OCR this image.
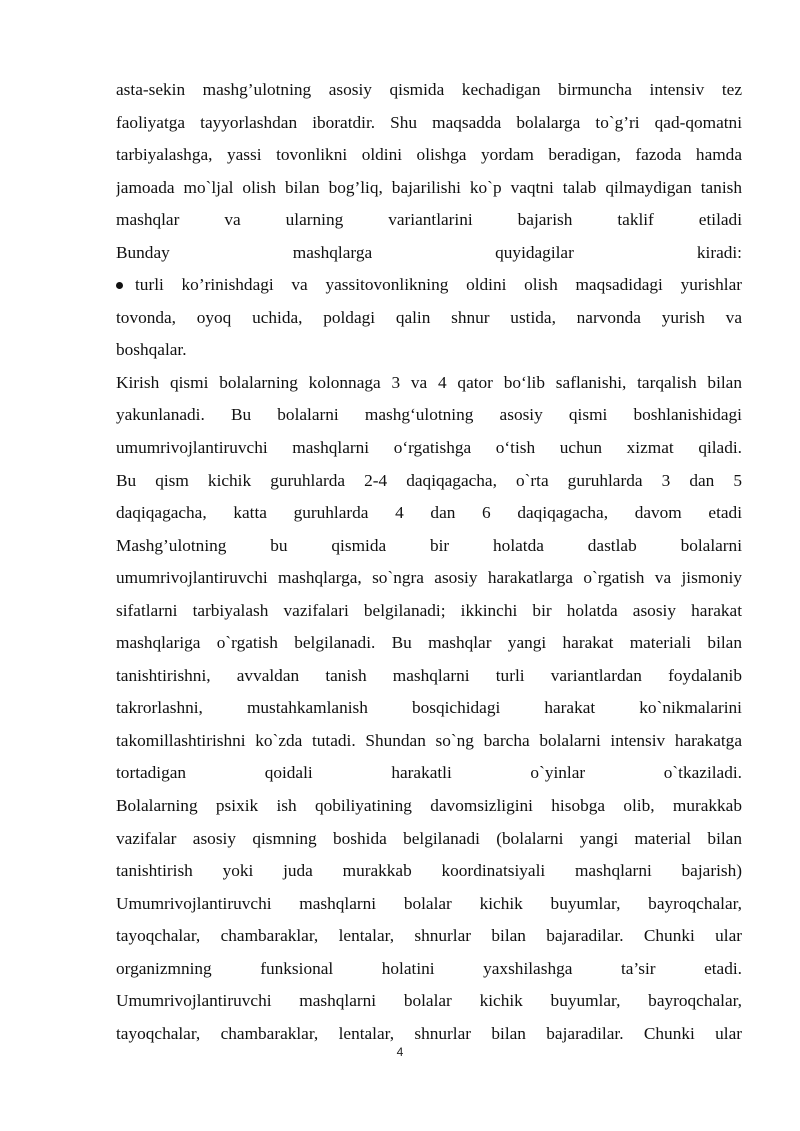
asta-sekin mashg’ulotning asosiy qismida kechadigan birmuncha intensiv tez
faoliyatga tayyorlashdan iboratdir. Shu maqsadda bolalarga to`g’ri qad-qomatni
tarbiyalashga, yassi tovonlikni oldini olishga yordam beradigan, fazoda hamda
jamoada mo`ljal olish bilan bog’liq, bajarilishi ko`p vaqtni talab qilmaydigan tanish
mashqlar va ularning variantlarini bajarish taklif etiladi
Bunday mashqlarga quyidagilar kiradi:
turli ko’rinishdagi va yassitovonlikning oldini olish maqsadidagi yurishlar
tovonda, oyoq uchida, poldagi qalin shnur ustida, narvonda yurish va
boshqalar.
Kirish qismi bolalarning kolonnaga 3 va 4 qator bo‘lib saflanishi, tarqalish bilan
yakunlanadi. Bu bolalarni mashg‘ulotning asosiy qismi boshlanishidagi
umumrivojlantiruvchi mashqlarni o‘rgatishga o‘tish uchun xizmat qiladi.
Bu qism kichik guruhlarda 2-4 daqiqagacha, o`rta guruhlarda 3 dan 5
daqiqagacha, katta guruhlarda 4 dan 6 daqiqagacha, davom etadi
Mashg’ulotning bu qismida bir holatda dastlab bolalarni
umumrivojlantiruvchi mashqlarga, so`ngra asosiy harakatlarga o`rgatish va jismoniy
sifatlarni tarbiyalash vazifalari belgilanadi; ikkinchi bir holatda asosiy harakat
mashqlariga o`rgatish belgilanadi. Bu mashqlar yangi harakat materiali bilan
tanishtirishni, avvaldan tanish mashqlarni turli variantlardan foydalanib
takrorlashni, mustahkamlanish bosqichidagi harakat ko`nikmalarini
takomillashtirishni ko`zda tutadi. Shundan so`ng barcha bolalarni intensiv harakatga
tortadigan qoidali harakatli o`yinlar o`tkaziladi.
Bolalarning psixik ish qobiliyatining davomsizligini hisobga olib, murakkab
vazifalar asosiy qismning boshida belgilanadi (bolalarni yangi material bilan
tanishtirish yoki juda murakkab koordinatsiyali mashqlarni bajarish)
Umumrivojlantiruvchi mashqlarni bolalar kichik buyumlar, bayroqchalar,
tayoqchalar, chambaraklar, lentalar, shnurlar bilan bajaradilar. Chunki ular
organizmning funksional holatini yaxshilashga ta’sir etadi.
Umumrivojlantiruvchi mashqlarni bolalar kichik buyumlar, bayroqchalar,
tayoqchalar, chambaraklar, lentalar, shnurlar bilan bajaradilar. Chunki ular
4
